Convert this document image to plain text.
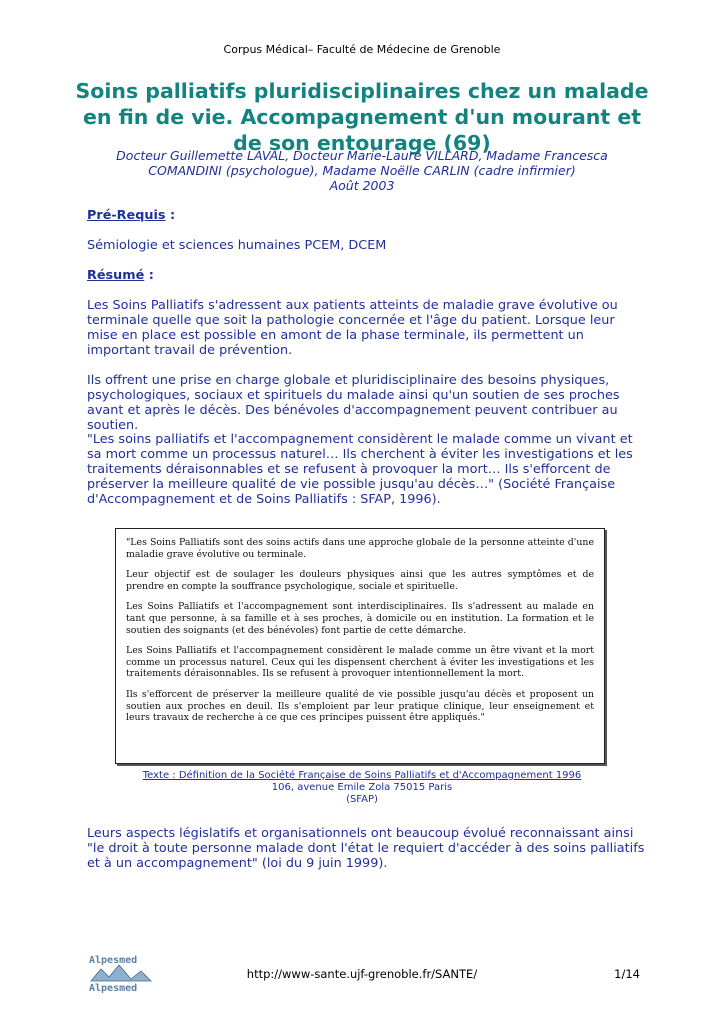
Corpus Médical– Faculté de Médecine de Grenoble
Soins palliatifs pluridisciplinaires chez un malade
en fin de vie. Accompagnement d'un mourant et
de son entourage (69)
Docteur Guillemette LAVAL, Docteur Marie-Laure VILLARD, Madame Francesca
COMANDINI (psychologue), Madame Noëlle CARLIN (cadre infirmier)
Août 2003
Pré-Requis :
Sémiologie et sciences humaines PCEM, DCEM
Résumé :
Les Soins Palliatifs s'adressent aux patients atteints de maladie grave évolutive ou terminale quelle que soit la pathologie concernée et l'âge du patient. Lorsque leur mise en place est possible en amont de la phase terminale, ils permettent un important travail de prévention.
Ils offrent une prise en charge globale et pluridisciplinaire des besoins physiques, psychologiques, sociaux et spirituels du malade ainsi qu'un soutien de ses proches avant et après le décès. Des bénévoles d'accompagnement peuvent contribuer au soutien.
"Les soins palliatifs et l'accompagnement considèrent le malade comme un vivant et sa mort comme un processus naturel… Ils cherchent à éviter les investigations et les traitements déraisonnables et se refusent à provoquer la mort… Ils s'efforcent de préserver la meilleure qualité de vie possible jusqu'au décès…" (Société Française d'Accompagnement et de Soins Palliatifs : SFAP, 1996).

"Les Soins Palliatifs sont des soins actifs dans une approche globale de la personne atteinte d'une maladie grave évolutive ou terminale.

Leur objectif est de soulager les douleurs physiques ainsi que les autres symptômes et de prendre en compte la souffrance psychologique, sociale et spirituelle.

Les Soins Palliatifs et l'accompagnement sont interdisciplinaires. Ils s'adressent au malade en tant que personne, à sa famille et à ses proches, à domicile ou en institution. La formation et le soutien des soignants (et des bénévoles) font partie de cette démarche.

Les Soins Palliatifs et l'accompagnement considèrent le malade comme un être vivant et la mort comme un processus naturel. Ceux qui les dispensent cherchent à éviter les investigations et les traitements déraisonnables. Ils se refusent à provoquer intentionnellement la mort.

Ils s'efforcent de préserver la meilleure qualité de vie possible jusqu'au décès et proposent un soutien aux proches en deuil. Ils s'emploient par leur pratique clinique, leur enseignement et leurs travaux de recherche à ce que ces principes puissent être appliqués."

Texte : Définition de la Société Française de Soins Palliatifs et d'Accompagnement 1996
106, avenue Emile Zola 75015 Paris
(SFAP)
Leurs aspects législatifs et organisationnels ont beaucoup évolué reconnaissant ainsi "le droit à toute personne malade dont l'état le requiert d'accéder à des soins palliatifs et à un accompagnement" (loi du 9 juin 1999).
Alpesmed
Alpesmed
http://www-sante.ujf-grenoble.fr/SANTE/	1/14
